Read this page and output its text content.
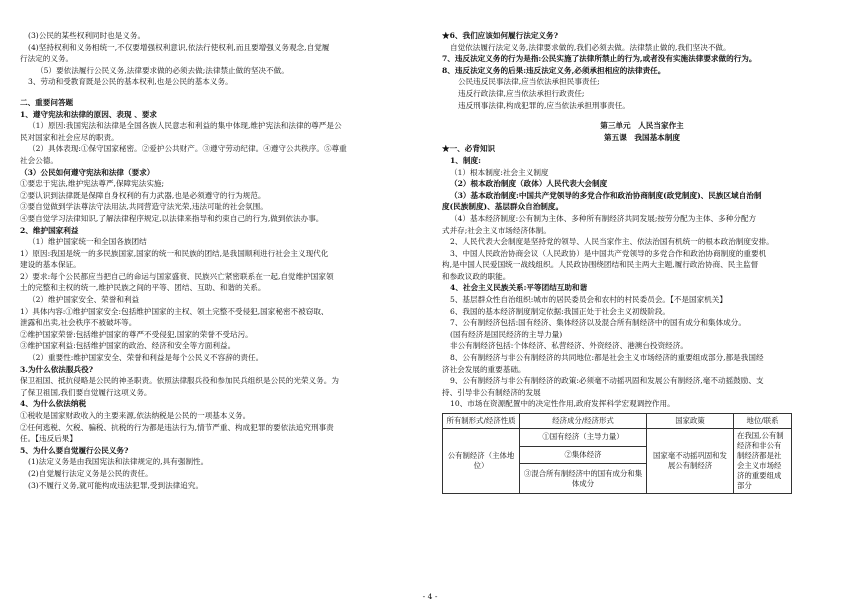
(3)公民的某些权利同时也是义务。
(4)坚持权利和义务相统一,不仅要增强权利意识,依法行使权利,而且要增强义务观念,自觉履
行法定的义务。
（5）要依法履行公民义务,法律要求做的必须去做;法律禁止做的坚决不做。
3、劳动和受教育既是公民的基本权利,也是公民的基本义务。
二、重要问答题
1、遵守宪法和法律的原因、表现 、要求
（1）原因:我国宪法和法律是全国各族人民意志和利益的集中体现,维护宪法和法律的尊严是公
民对国家和社会应尽的职责。
（2）具体表现:①保守国家秘密。②爱护公共财产。③遵守劳动纪律。④遵守公共秩序。⑤尊重
社会公德。
（3）公民如何遵守宪法和法律（要求）
①要忠于宪法,维护宪法尊严,保障宪法实施;
②要认识到法律既是保障自身权利的有力武器,也是必须遵守的行为规范。
③要自觉做到学法尊法守法用法,共同营造守法光荣,违法可耻的社会氛围。
④要自觉学习法律知识,了解法律程序规定,以法律来指导和约束自己的行为,做到依法办事。
2、维护国家利益
（1）维护国家统一和全国各族团结
1）原因:我国是统一的多民族国家,国家的统一和民族的团结,是我国顺利进行社会主义现代化
建设的基本保证。
2）要求:每个公民都应当把自己的命运与国家盛衰、民族兴亡紧密联系在一起,自觉维护国家领
土的完整和主权的统一,维护民族之间的平等、团结、互助、和谐的关系。
（2）维护国家安全、荣誉和利益
1）具体内容:①维护国家安全:包括维护国家的主权、领土完整不受侵犯,国家秘密不被窃取、
泄露和出卖,社会秩序不被破坏等。
②维护国家荣誉:包括维护国家的尊严不受侵犯,国家的荣誉不受玷污。
③维护国家利益:包括维护国家的政治、经济和安全等方面利益。
（2）重要性:维护国家安全、荣誉和利益是每个公民义不容辞的责任。
3.为什么依法服兵役?
保卫祖国、抵抗侵略是公民的神圣职责。依照法律服兵役和参加民兵组织是公民的光荣义务。为
了保卫祖国,我们要自觉履行这项义务。
4、为什么依法纳税
①税收是国家财政收入的主要来源,依法纳税是公民的一项基本义务。
②任何逃税、欠税、骗税、抗税的行为都是违法行为,情节严重、构成犯罪的要依法追究刑事责
任。【违反后果】
5、为什么要自觉履行公民义务?
(1)法定义务是由我国宪法和法律规定的,具有强制性。
(2)自觉履行法定义务是公民的责任。
(3)不履行义务,就可能构成违法犯罪,受到法律追究。
★6、我们应该如何履行法定义务?
自觉依法履行法定义务,法律要求做的,我们必须去做。法律禁止做的,我们坚决不做。
7、违反法定义务的行为是指:公民实施了法律所禁止的行为,或者没有实施法律要求做的行为。
8、违反法定义务的后果:违反法定义务,必须承担相应的法律责任。
公民违反民事法律,应当依法承担民事责任;
违反行政法律,应当依法承担行政责任;
违反刑事法律,构成犯罪的,应当依法承担刑事责任。
第三单元　人民当家作主
第五课　我国基本制度
★一、必背知识
1、制度:
（1）根本制度:社会主义制度
（2）根本政治制度（政体）人民代表大会制度
（3）基本政治制度:中国共产党领导的多党合作和政治协商制度(政党制度)、民族区域自治制
度(民族制度)、基层群众自治制度。
（4）基本经济制度:公有制为主体、多种所有制经济共同发展;按劳分配为主体、多种分配方
式并存;社会主义市场经济体制。
2、人民代表大会制度是坚持党的领导、人民当家作主、依法治国有机统一的根本政治制度安排。
3、中国人民政治协商会议（人民政协）是中国共产党领导的多党合作和政治协商制度的重要机
构,是中国人民爱国统一战线组织。人民政协围绕团结和民主两大主题,履行政治协商、民主监督
和参政议政的职能。
4、社会主义民族关系:平等团结互助和谐
5、基层群众性自治组织:城市的居民委员会和农村的村民委员会。【不是国家机关】
6、我国的基本经济制度制定依据:我国正处于社会主义初级阶段。
7、公有制经济包括:国有经济、集体经济以及混合所有制经济中的国有成分和集体成分。
(国有经济是国民经济的主导力量)
非公有制经济包括:个体经济、私营经济、外资经济、港澳台投资经济。
8、公有制经济与非公有制经济的共同地位:都是社会主义市场经济的重要组成部分,都是我国经
济社会发展的重要基础。
9、公有制经济与非公有制经济的政策:必须毫不动摇巩固和发展公有制经济,毫不动摇鼓励、支
持、引导非公有制经济的发展
10、市场在资源配置中的决定性作用,政府发挥科学宏观调控作用。
所有制形式/经济性质	经济成分/经济形式	国家政策	地位/联系
公有制经济（主体地位）	①国有经济（主导力量）	国家毫不动摇巩固和发展公有制经济	在我国,公有制经济和非公有制经济都是社会主义市场经济的重要组成部分
	②集体经济		
	③混合所有制经济中的国有成分和集体成分		
- 4 -
